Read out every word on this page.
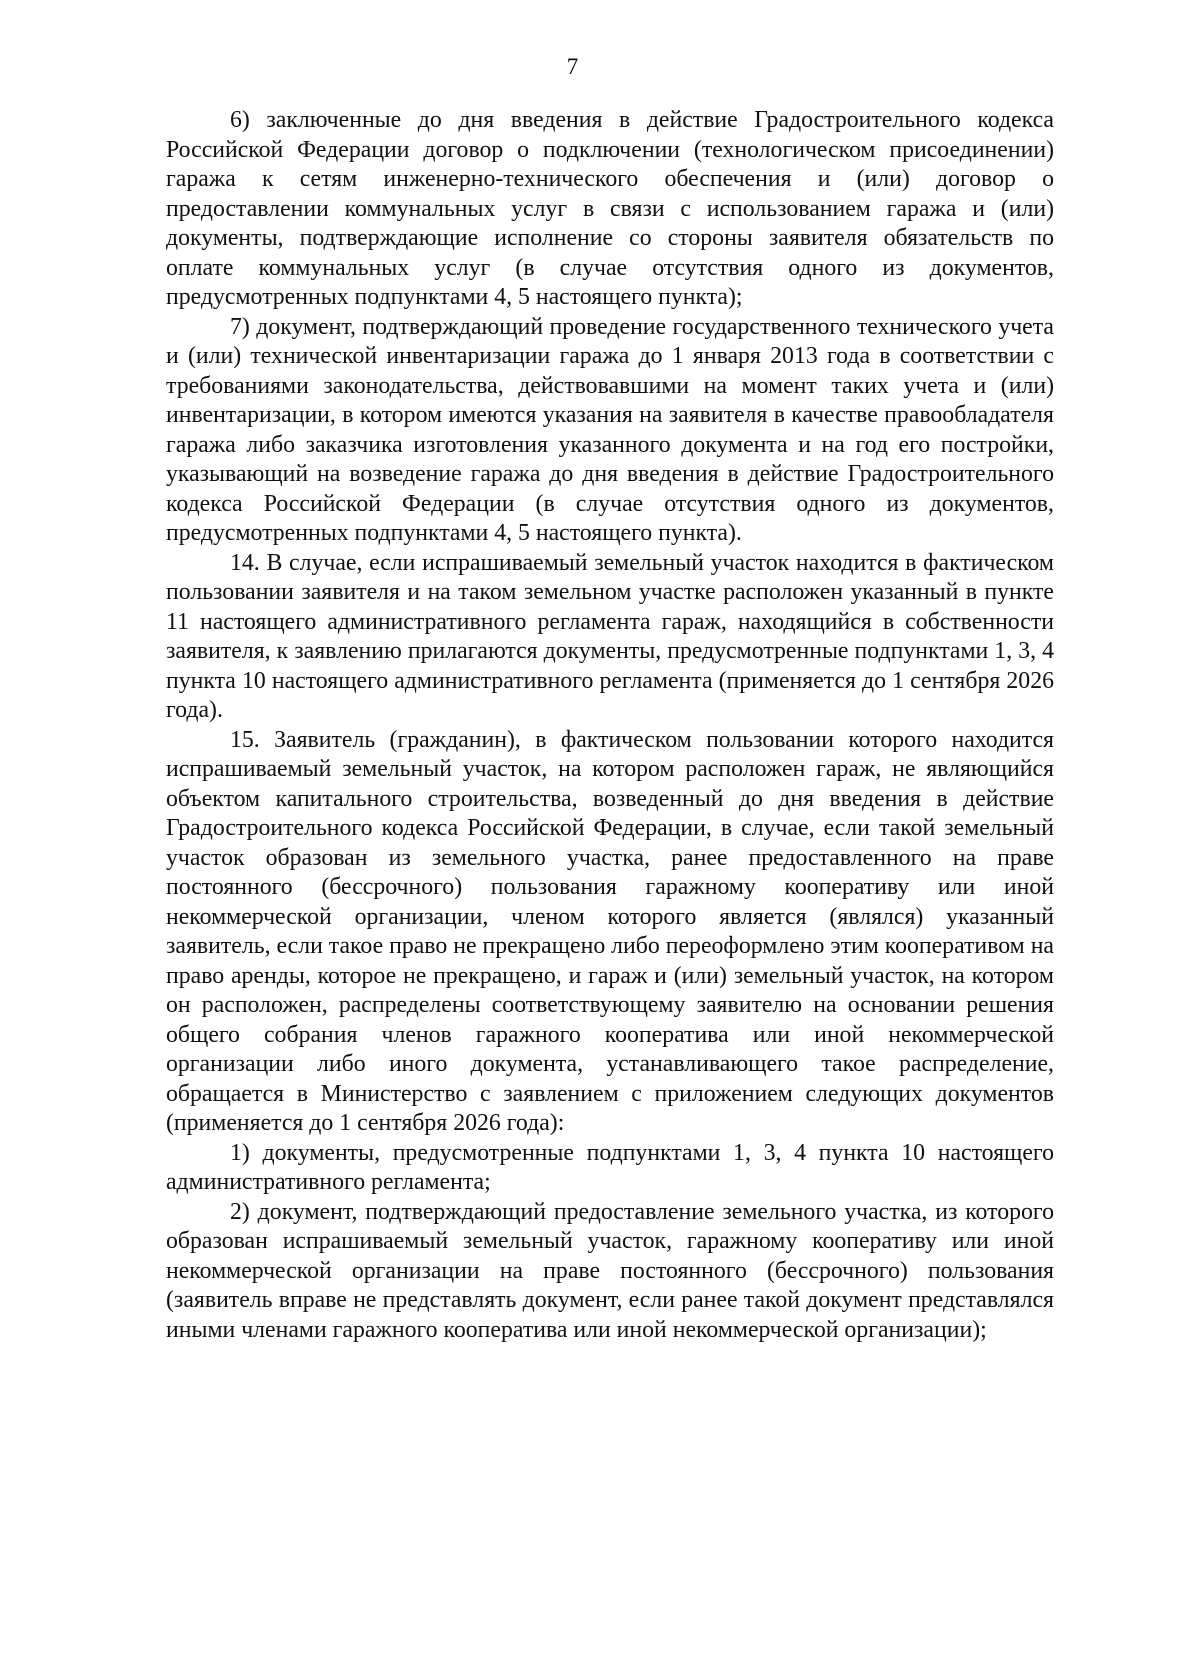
7

6) заключенные до дня введения в действие Градостроительного кодекса Российской Федерации договор о подключении (технологическом присоединении) гаража к сетям инженерно-технического обеспечения и (или) договор о предоставлении коммунальных услуг в связи с использованием гаража и (или) документы, подтверждающие исполнение со стороны заявителя обязательств по оплате коммунальных услуг (в случае отсутствия одного из документов, предусмотренных подпунктами 4, 5 настоящего пункта);

7) документ, подтверждающий проведение государственного технического учета и (или) технической инвентаризации гаража до 1 января 2013 года в соответствии с требованиями законодательства, действовавшими на момент таких учета и (или) инвентаризации, в котором имеются указания на заявителя в качестве правообладателя гаража либо заказчика изготовления указанного документа и на год его постройки, указывающий на возведение гаража до дня введения в действие Градостроительного кодекса Российской Федерации (в случае отсутствия одного из документов, предусмотренных подпунктами 4, 5 настоящего пункта).

14. В случае, если испрашиваемый земельный участок находится в фактическом пользовании заявителя и на таком земельном участке расположен указанный в пункте 11 настоящего административного регламента гараж, находящийся в собственности заявителя, к заявлению прилагаются документы, предусмотренные подпунктами 1, 3, 4 пункта 10 настоящего административного регламента (применяется до 1 сентября 2026 года).

15. Заявитель (гражданин), в фактическом пользовании которого находится испрашиваемый земельный участок, на котором расположен гараж, не являющийся объектом капитального строительства, возведенный до дня введения в действие Градостроительного кодекса Российской Федерации, в случае, если такой земельный участок образован из земельного участка, ранее предоставленного на праве постоянного (бессрочного) пользования гаражному кооперативу или иной некоммерческой организации, членом которого является (являлся) указанный заявитель, если такое право не прекращено либо переоформлено этим кооперативом на право аренды, которое не прекращено, и гараж и (или) земельный участок, на котором он расположен, распределены соответствующему заявителю на основании решения общего собрания членов гаражного кооператива или иной некоммерческой организации либо иного документа, устанавливающего такое распределение, обращается в Министерство с заявлением с приложением следующих документов (применяется до 1 сентября 2026 года):

1) документы, предусмотренные подпунктами 1, 3, 4 пункта 10 настоящего административного регламента;

2) документ, подтверждающий предоставление земельного участка, из которого образован испрашиваемый земельный участок, гаражному кооперативу или иной некоммерческой организации на праве постоянного (бессрочного) пользования (заявитель вправе не представлять документ, если ранее такой документ представлялся иными членами гаражного кооператива или иной некоммерческой организации);
